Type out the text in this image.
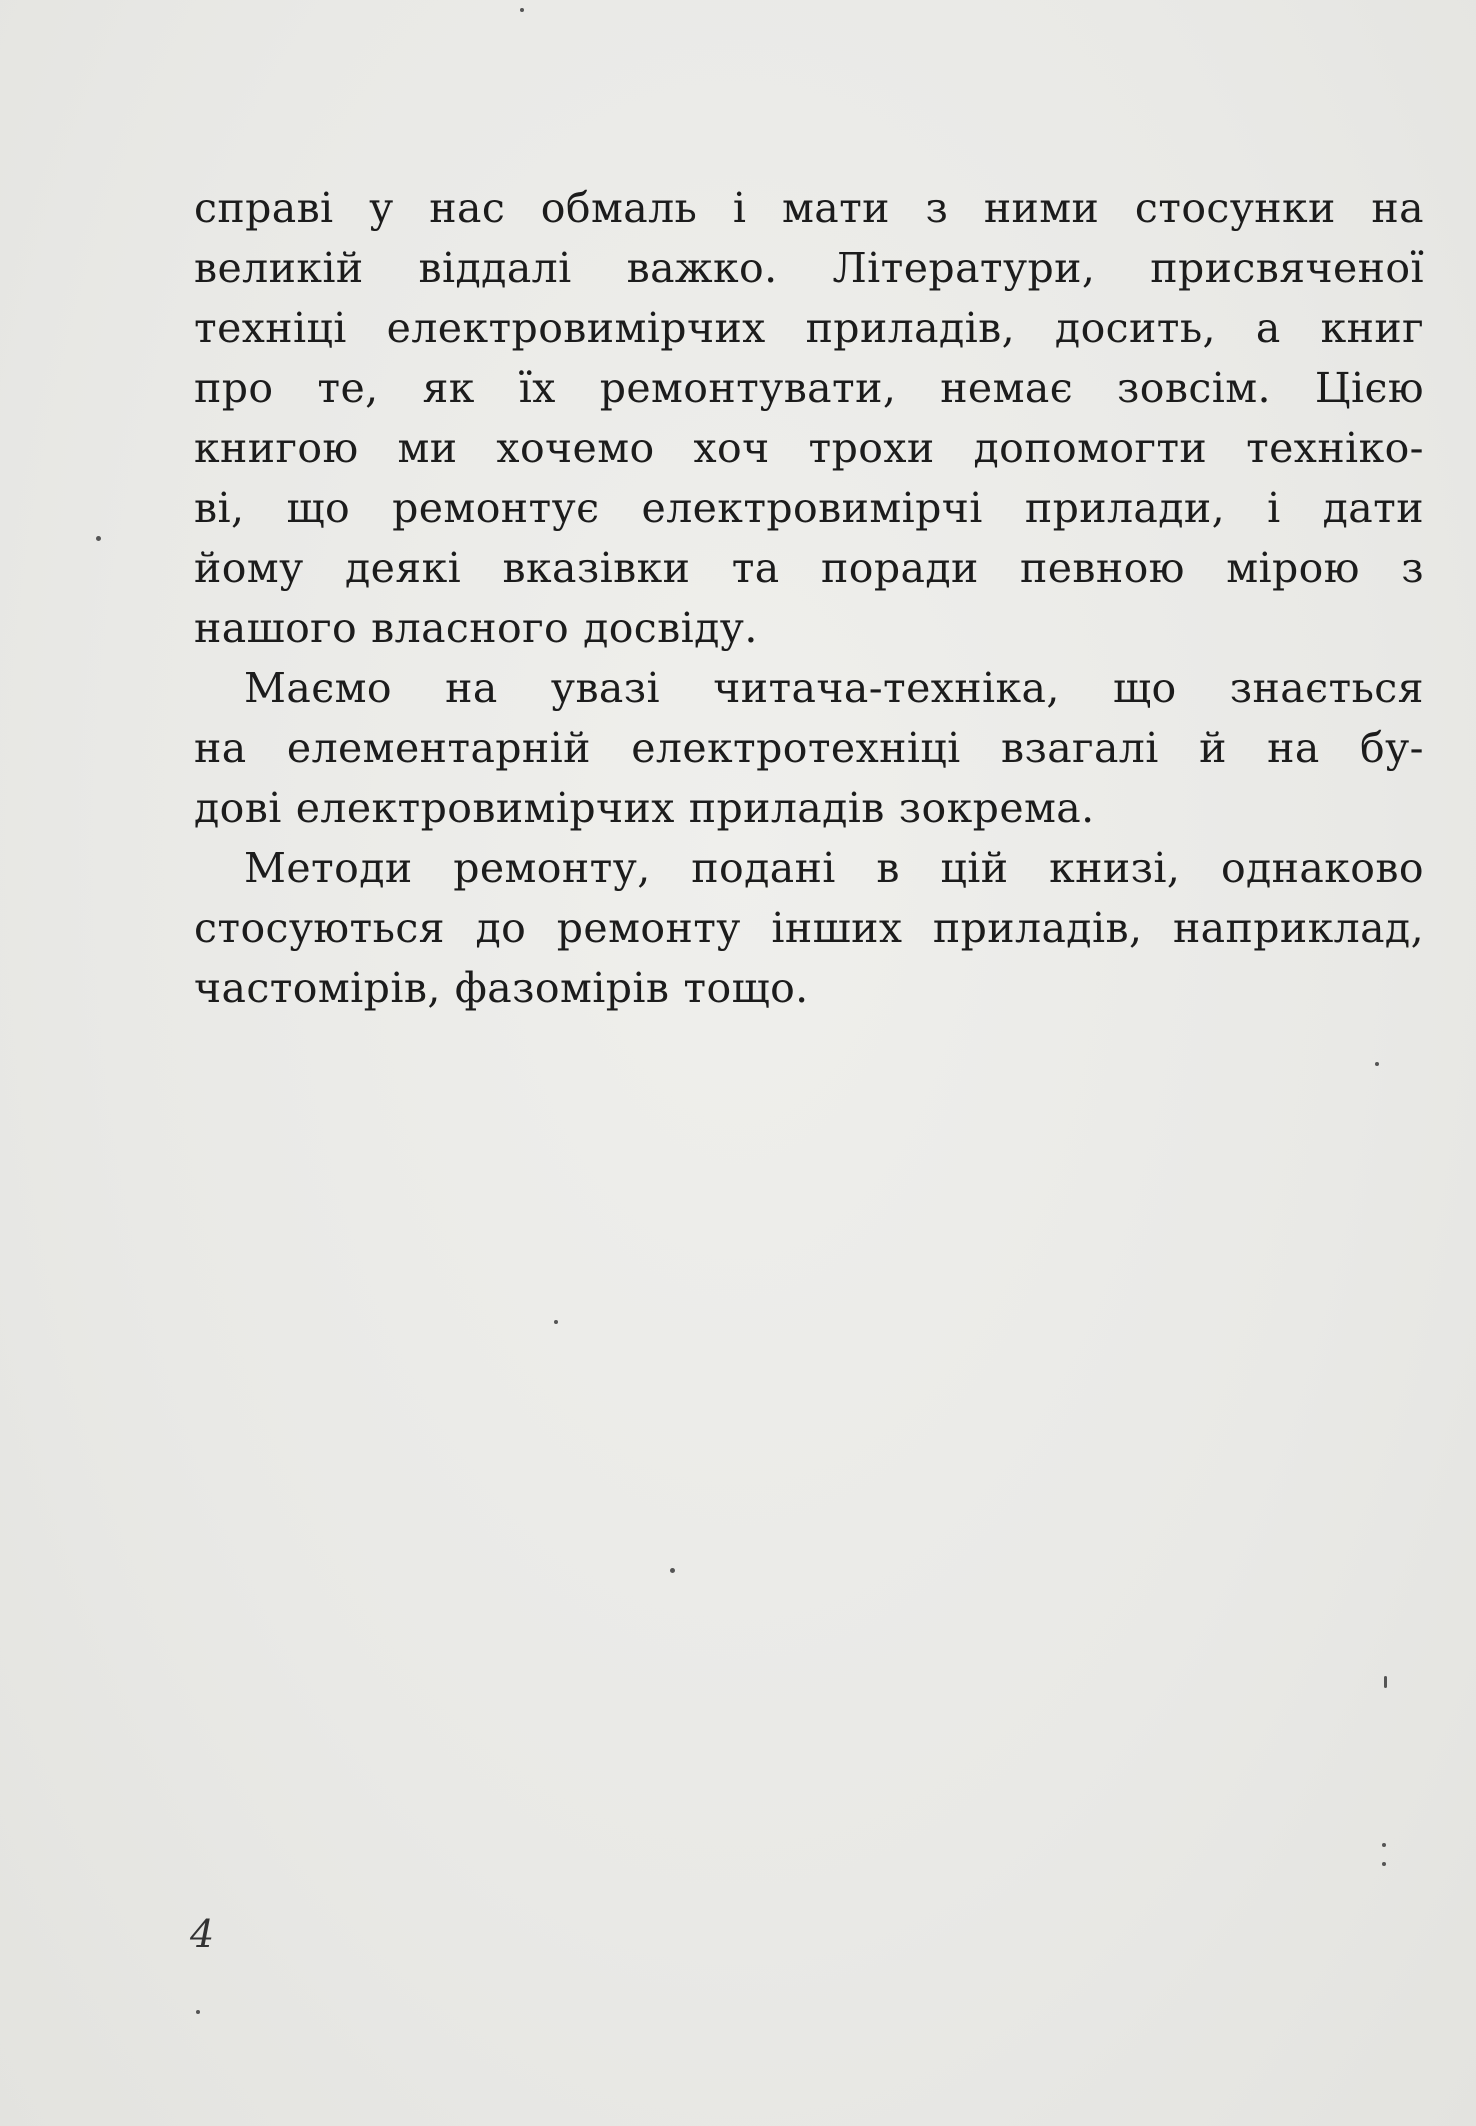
справі у нас обмаль і мати з ними стосунки на
великій віддалі важко. Літератури, присвяченої
техніці електровимірчих приладів, досить, а книг
про те, як їх ремонтувати, немає зовсім. Цією
книгою ми хочемо хоч трохи допомогти техніко-
ві, що ремонтує електровимірчі прилади, і дати
йому деякі вказівки та поради певною мірою з
нашого власного досвіду.
Маємо на увазі читача-техніка, що знається
на елементарній електротехніці взагалі й на бу-
дові електровимірчих приладів зокрема.
Методи ремонту, подані в цій книзі, однаково
стосуються до ремонту інших приладів, наприклад,
частомірів, фазомірів тощо.
4
